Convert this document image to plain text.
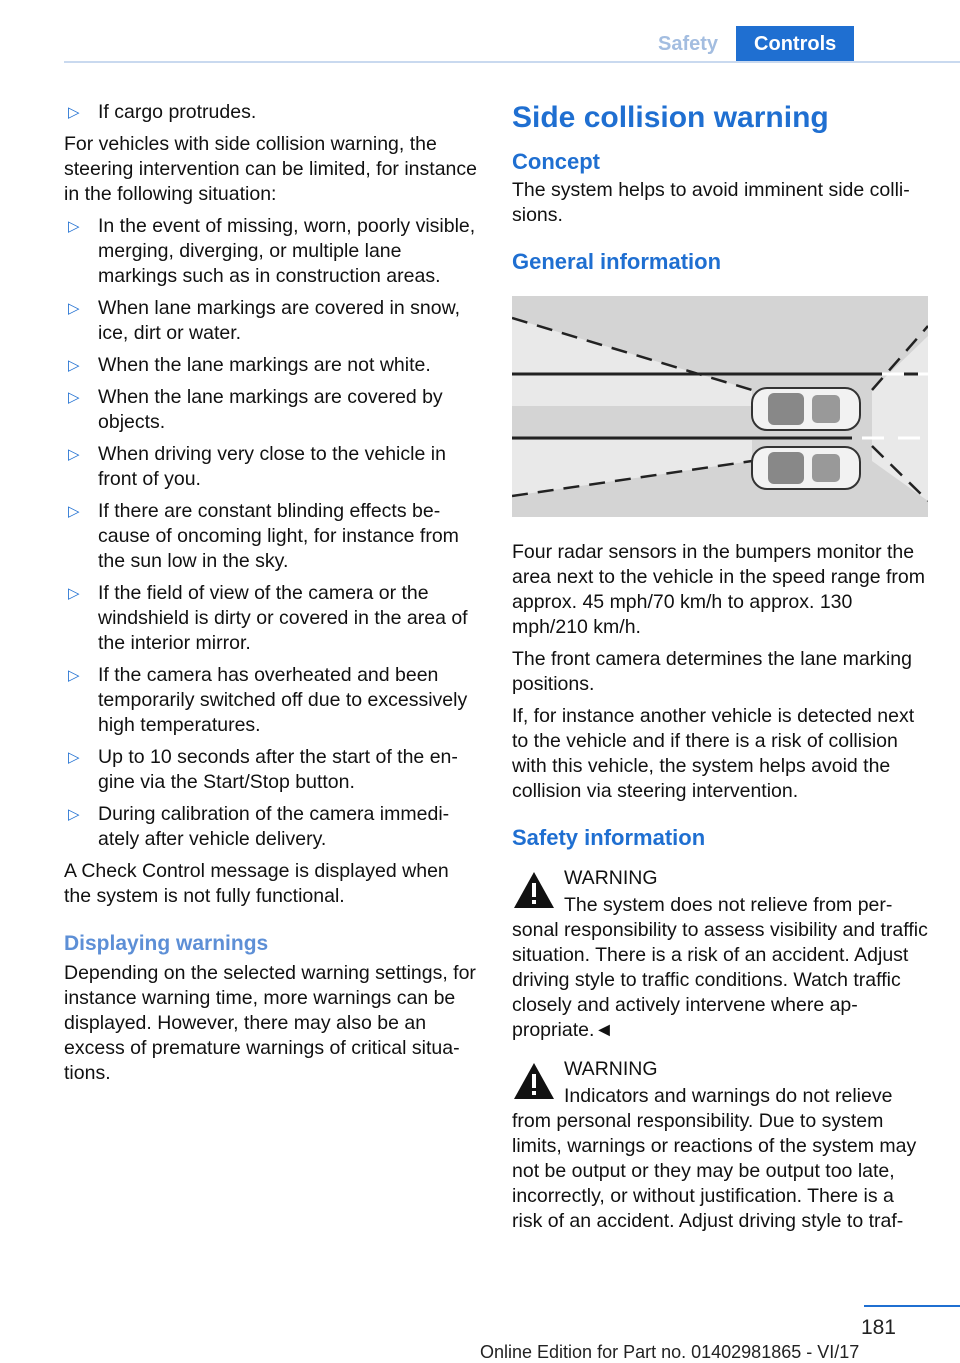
Safety	Controls
▷ If cargo protrudes.

For vehicles with side collision warning, the steering intervention can be limited, for instance in the following situation:

▷ In the event of missing, worn, poorly visible, merging, diverging, or multiple lane markings such as in construction areas.
▷ When lane markings are covered in snow, ice, dirt or water.
▷ When the lane markings are not white.
▷ When the lane markings are covered by objects.
▷ When driving very close to the vehicle in front of you.
▷ If there are constant blinding effects because of oncoming light, for instance from the sun low in the sky.
▷ If the field of view of the camera or the windshield is dirty or covered in the area of the interior mirror.
▷ If the camera has overheated and been temporarily switched off due to excessively high temperatures.
▷ Up to 10 seconds after the start of the engine via the Start/Stop button.
▷ During calibration of the camera immediately after vehicle delivery.

A Check Control message is displayed when the system is not fully functional.

Displaying warnings

Depending on the selected warning settings, for instance warning time, more warnings can be displayed. However, there may also be an excess of premature warnings of critical situations.

Side collision warning
Concept

The system helps to avoid imminent side collisions.

General information

Four radar sensors in the bumpers monitor the area next to the vehicle in the speed range from approx. 45 mph/70 km/h to approx. 130 mph/210 km/h.

The front camera determines the lane marking positions.

If, for instance another vehicle is detected next to the vehicle and if there is a risk of collision with this vehicle, the system helps avoid the collision via steering intervention.

Safety information
WARNING
The system does not relieve from personal responsibility to assess visibility and traffic situation. There is a risk of an accident. Adjust driving style to traffic conditions. Watch traffic closely and actively intervene where appropriate.◄
WARNING
Indicators and warnings do not relieve from personal responsibility. Due to system limits, warnings or reactions of the system may not be output or they may be output too late, incorrectly, or without justification. There is a risk of an accident. Adjust driving style to traf-
181
Online Edition for Part no. 01402981865 - VI/17
